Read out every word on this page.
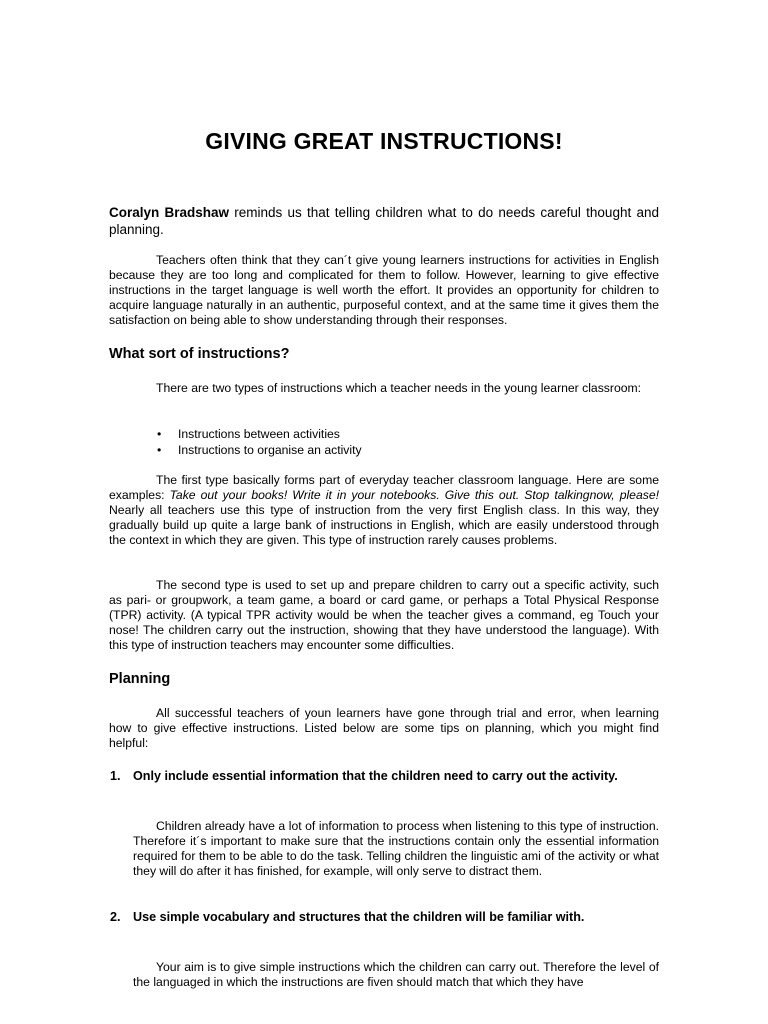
GIVING GREAT INSTRUCTIONS!

Coralyn Bradshaw reminds us that telling children what to do needs careful thought and planning.

Teachers often think that they can´t give young learners instructions for activities in English because they are too long and complicated for them to follow. However, learning to give effective instructions in the target language is well worth the effort. It provides an opportunity for children to acquire language naturally in an authentic, purposeful context, and at the same time it gives them the satisfaction on being able to show understanding through their responses.

What sort of instructions?

There are two types of instructions which a teacher needs in the young learner classroom:

• Instructions between activities
• Instructions to organise an activity

The first type basically forms part of everyday teacher classroom language. Here are some examples: Take out your books! Write it in your notebooks. Give this out. Stop talkingnow, please! Nearly all teachers use this type of instruction from the very first English class. In this way, they gradually build up quite a large bank of instructions in English, which are easily understood through the context in which they are given. This type of instruction rarely causes problems.

The second type is used to set up and prepare children to carry out a specific activity, such as pari- or groupwork, a team game, a board or card game, or perhaps a Total Physical Response (TPR) activity. (A typical TPR activity would be when the teacher gives a command, eg Touch your nose! The children carry out the instruction, showing that they have understood the language). With this type of instruction teachers may encounter some difficulties.

Planning

All successful teachers of youn learners have gone through trial and error, when learning how to give effective instructions. Listed below are some tips on planning, which you might find helpful:

1. Only include essential information that the children need to carry out the activity.

Children already have a lot of information to process when listening to this type of instruction. Therefore it´s important to make sure that the instructions contain only the essential information required for them to be able to do the task. Telling children the linguistic ami of the activity or what they will do after it has finished, for example, will only serve to distract them.

2. Use simple vocabulary and structures that the children will be familiar with.

Your aim is to give simple instructions which the children can carry out. Therefore the level of the languaged in which the instructions are fiven should match that which they have
